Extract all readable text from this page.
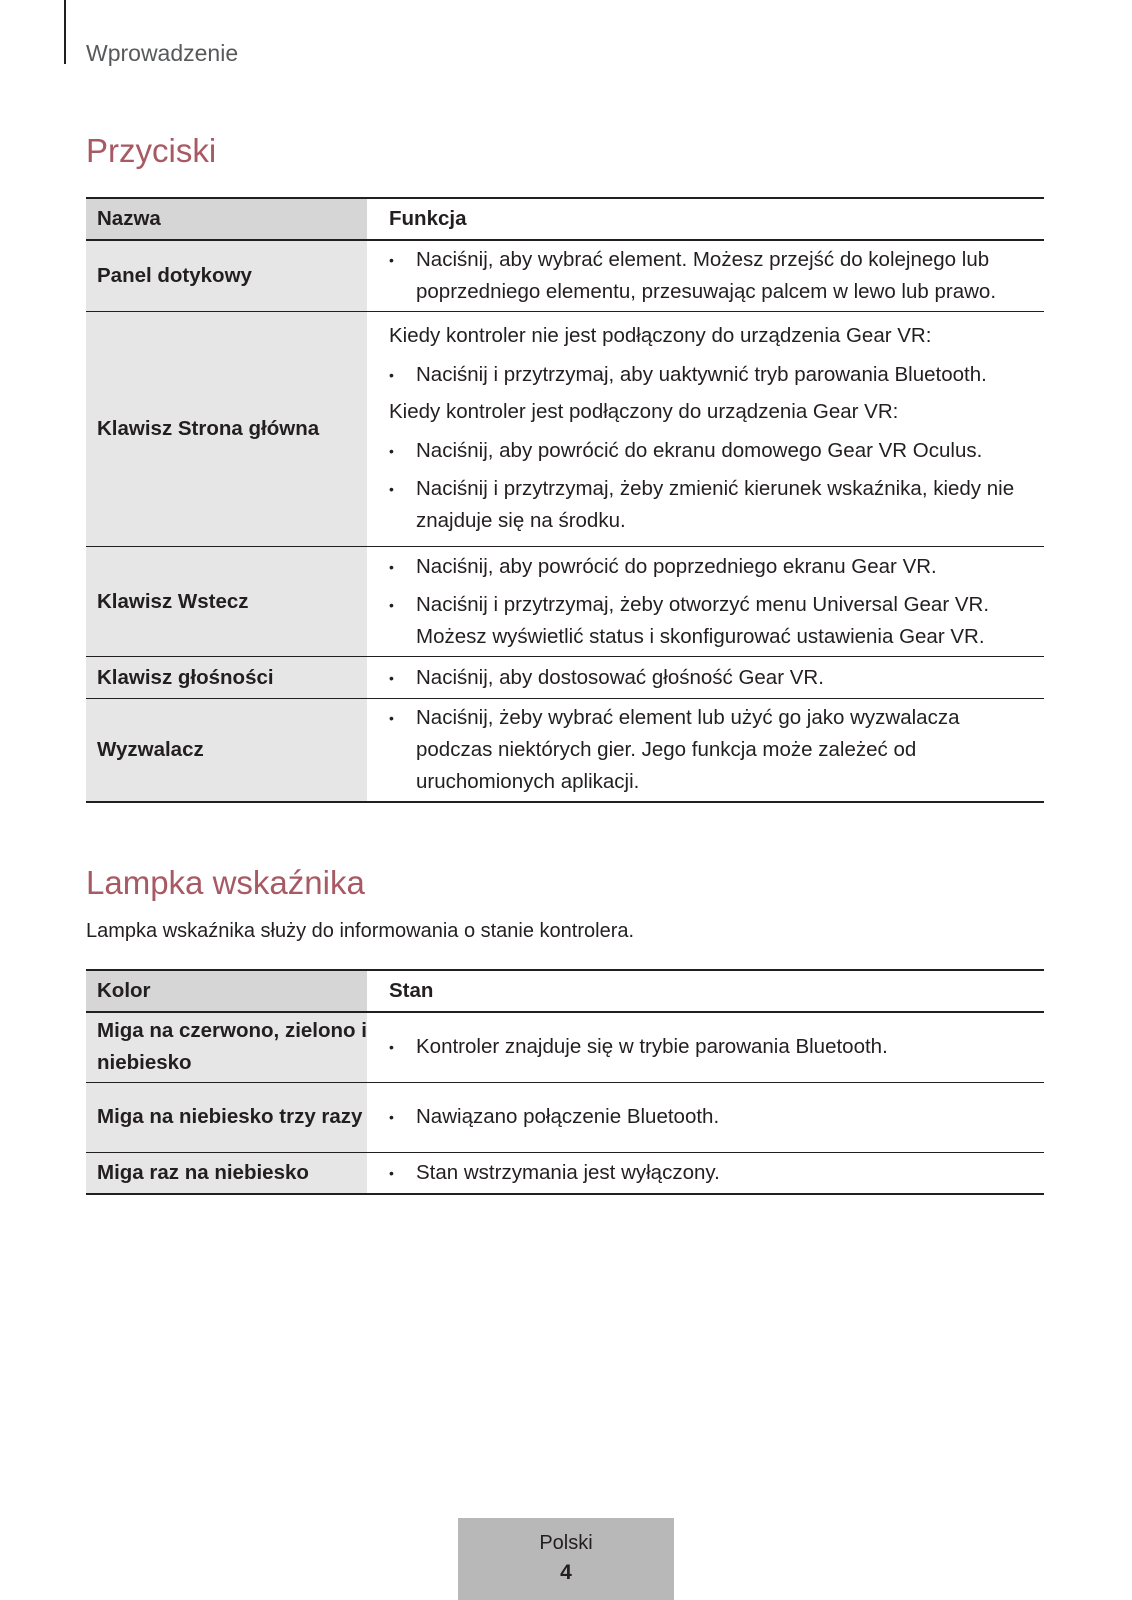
Wprowadzenie
Przyciski
Nazwa	Funkcja
Panel dotykowy	• Naciśnij, aby wybrać element. Możesz przejść do kolejnego lub poprzedniego elementu, przesuwając palcem w lewo lub prawo.

Klawisz Strona główna	Kiedy kontroler nie jest podłączony do urządzenia Gear VR:
• Naciśnij i przytrzymaj, aby uaktywnić tryb parowania Bluetooth.
Kiedy kontroler jest podłączony do urządzenia Gear VR:
• Naciśnij, aby powrócić do ekranu domowego Gear VR Oculus.
• Naciśnij i przytrzymaj, żeby zmienić kierunek wskaźnika, kiedy nie znajduje się na środku.

Klawisz Wstecz	• Naciśnij, aby powrócić do poprzedniego ekranu Gear VR.
• Naciśnij i przytrzymaj, żeby otworzyć menu Universal Gear VR. Możesz wyświetlić status i skonfigurować ustawienia Gear VR.

Klawisz głośności	• Naciśnij, aby dostosować głośność Gear VR.

Wyzwalacz	• Naciśnij, żeby wybrać element lub użyć go jako wyzwalacza podczas niektórych gier. Jego funkcja może zależeć od uruchomionych aplikacji.
Lampka wskaźnika
Lampka wskaźnika służy do informowania o stanie kontrolera.
Kolor	Stan
Miga na czerwono, zielono i niebiesko	• Kontroler znajduje się w trybie parowania Bluetooth.

Miga na niebiesko trzy razy	• Nawiązano połączenie Bluetooth.

Miga raz na niebiesko	• Stan wstrzymania jest wyłączony.
Polski
4
